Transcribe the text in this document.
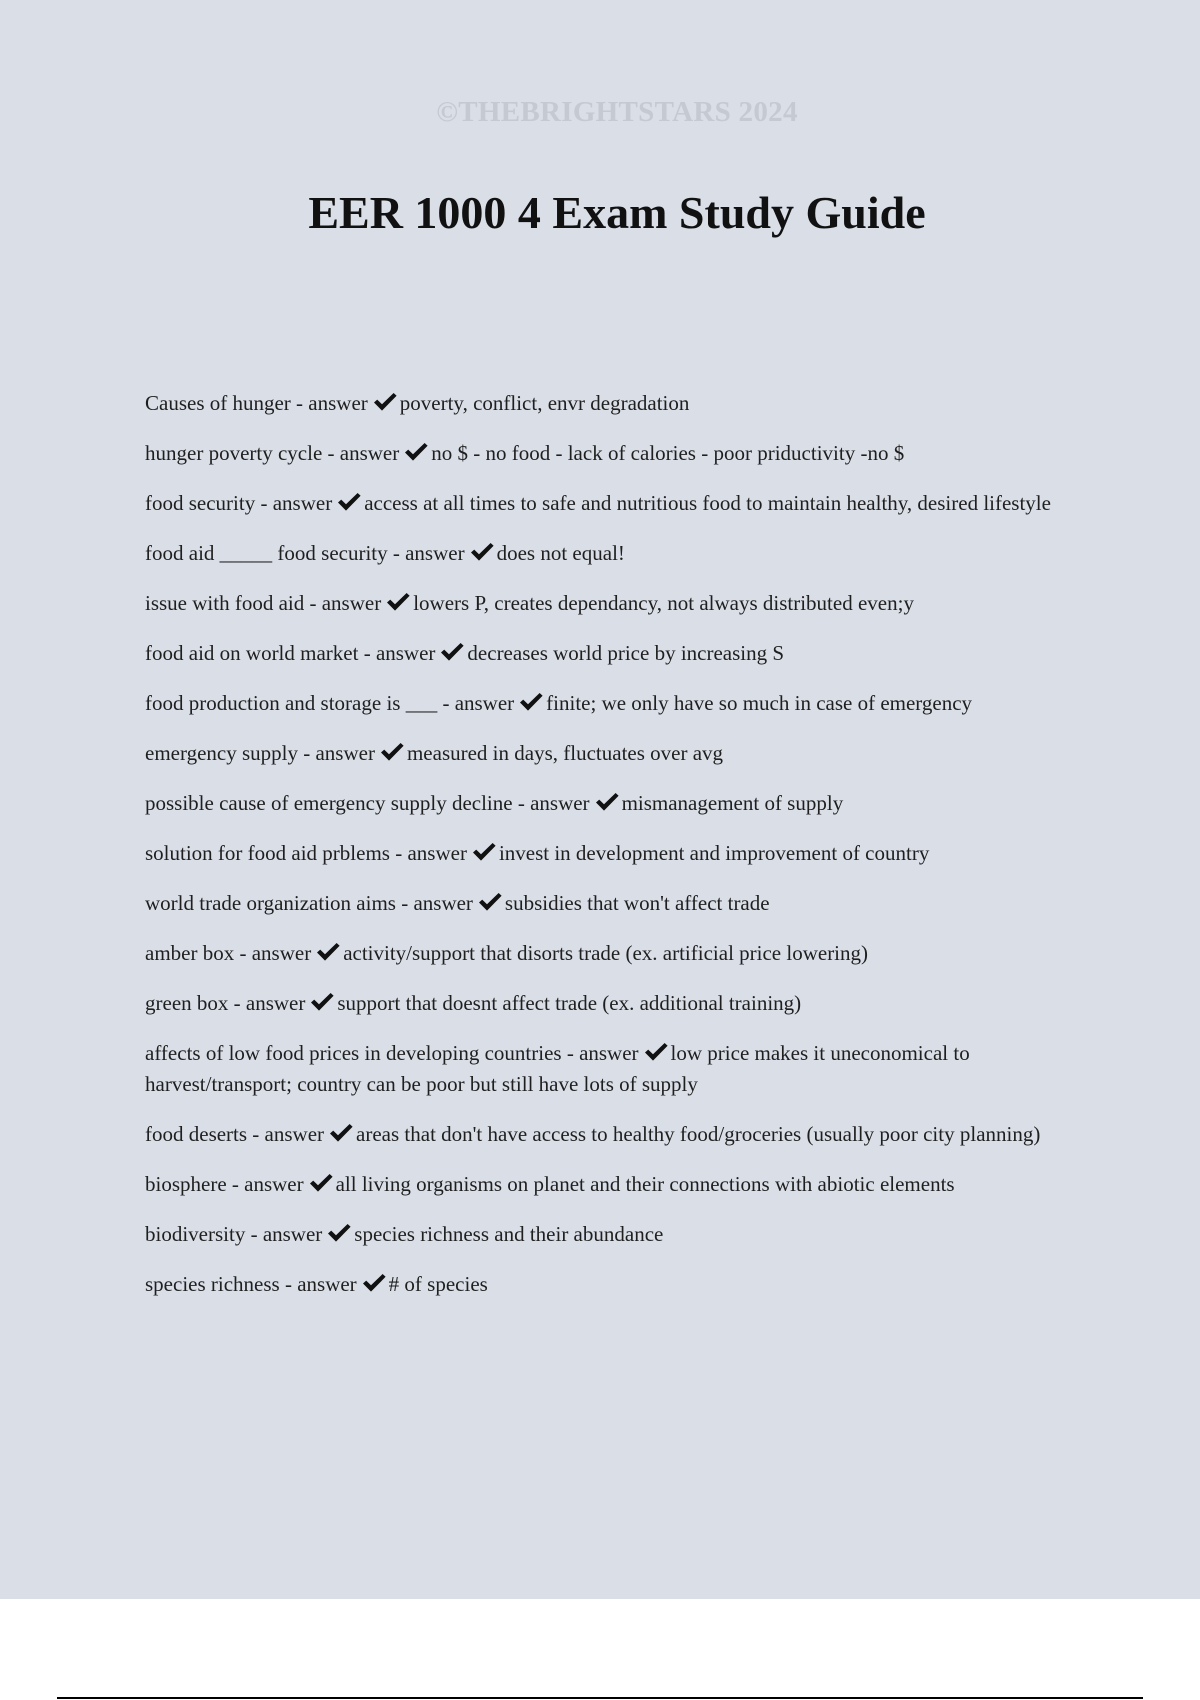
©THEBRIGHTSTARS 2024
EER 1000 4 Exam Study Guide
Causes of hunger - answer poverty, conflict, envr degradation
hunger poverty cycle - answer no $ - no food - lack of calories - poor priductivity -no $
food security - answer access at all times to safe and nutritious food to maintain healthy, desired lifestyle
food aid _____ food security - answer does not equal!
issue with food aid - answer lowers P, creates dependancy, not always distributed even;y
food aid on world market - answer decreases world price by increasing S
food production and storage is ___ - answer finite; we only have so much in case of emergency
emergency supply - answer measured in days, fluctuates over avg
possible cause of emergency supply decline - answer mismanagement of supply
solution for food aid prblems - answer invest in development and improvement of country
world trade organization aims - answer subsidies that won't affect trade
amber box - answer activity/support that disorts trade (ex. artificial price lowering)
green box - answer support that doesnt affect trade (ex. additional training)
affects of low food prices in developing countries - answer low price makes it uneconomical to harvest/transport; country can be poor but still have lots of supply
food deserts - answer areas that don't have access to healthy food/groceries (usually poor city planning)
biosphere - answer all living organisms on planet and their connections with abiotic elements
biodiversity - answer species richness and their abundance
species richness - answer # of species
